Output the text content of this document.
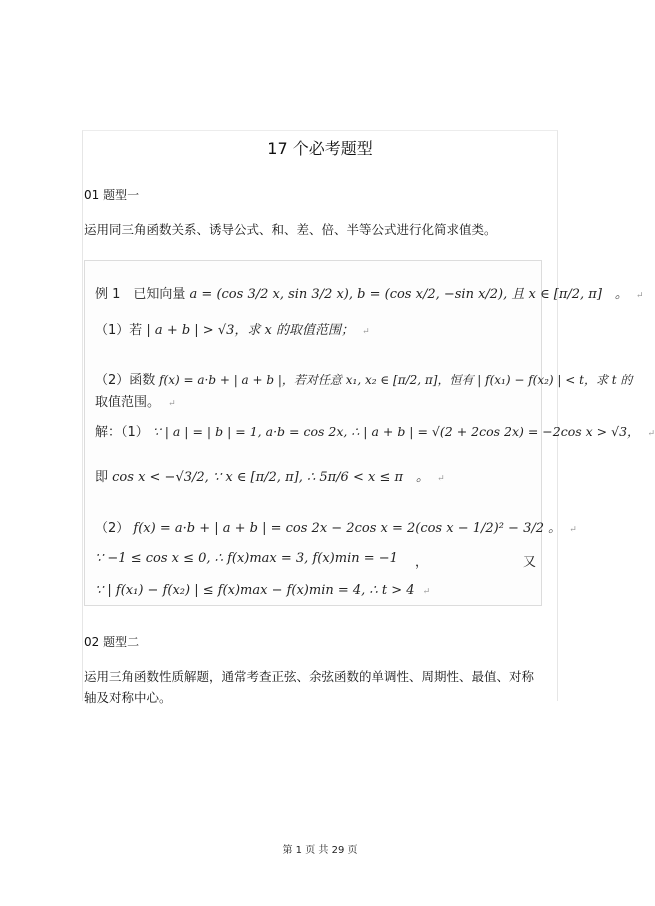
17 个必考题型
01 题型一
运用同三角函数关系、诱导公式、和、差、倍、半等公式进行化简求值类。
例 1　已知向量 a = (cos 3/2 x, sin 3/2 x), b = (cos x/2, −sin x/2), 且 x ∈ [π/2, π]　。 ↵
（1）若 | a + b | > √3，求 x 的取值范围； ↵
（2）函数 f(x) = a·b + | a + b |，若对任意 x₁, x₂ ∈ [π/2, π]，恒有 | f(x₁) − f(x₂) | < t，求 t 的
取值范围。 ↵
解：（1） ∵ | a | = | b | = 1, a·b = cos 2x, ∴ | a + b | = √(2 + 2cos 2x) = −2cos x > √3， ↵
即 cos x < −√3/2, ∵ x ∈ [π/2, π], ∴ 5π/6 < x ≤ π　。 ↵
（2） f(x) = a·b + | a + b | = cos 2x − 2cos x = 2(cos x − 1/2)² − 3/2 。 ↵
∵ −1 ≤ cos x ≤ 0, ∴ f(x)max = 3, f(x)min = −1 ，	又
∵ | f(x₁) − f(x₂) | ≤ f(x)max − f(x)min = 4, ∴ t > 4 ↵
02 题型二
运用三角函数性质解题，通常考查正弦、余弦函数的单调性、周期性、最值、对称轴及对称中心。
第 1 页 共 29 页
